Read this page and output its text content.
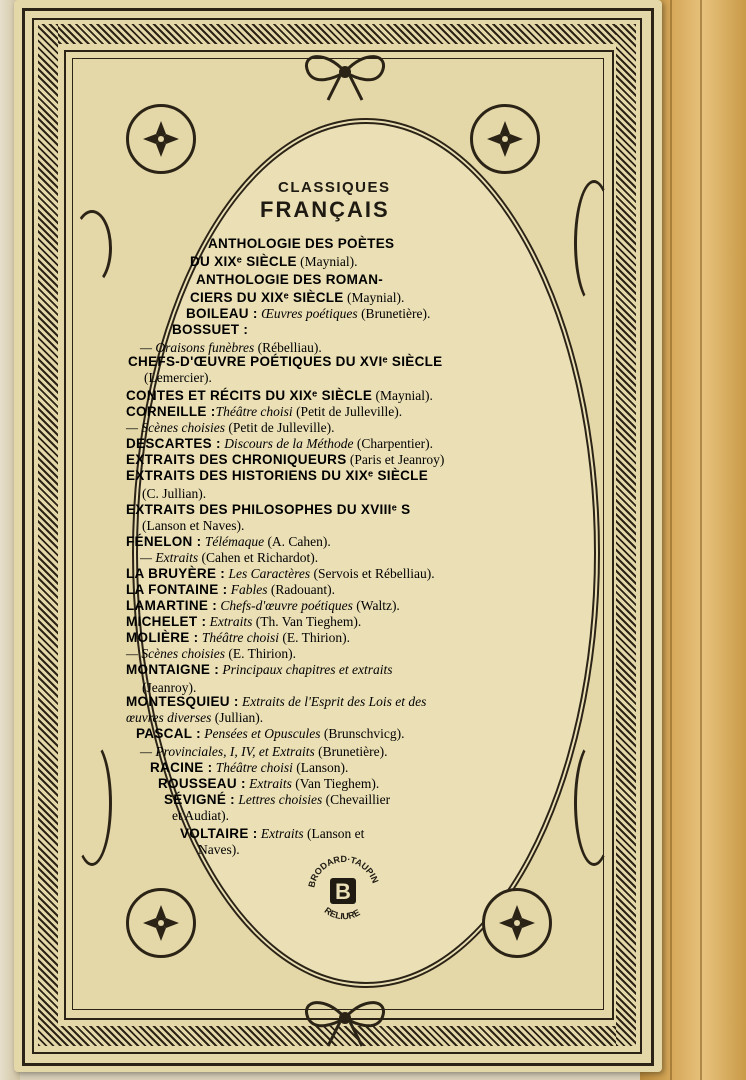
CLASSIQUES
FRANÇAIS
ANTHOLOGIE DES POÈTES
DU XIXᵉ SIÈCLE (Maynial).
ANTHOLOGIE DES ROMAN-
CIERS DU XIXᵉ SIÈCLE (Maynial).
BOILEAU : Œuvres poétiques (Brunetière).
BOSSUET :
— Oraisons funèbres (Rébelliau).
CHEFS-D'ŒUVRE POÉTIQUES DU XVIᵉ SIÈCLE
(Lemercier).
CONTES ET RÉCITS DU XIXᵉ SIÈCLE (Maynial).
CORNEILLE :Théâtre choisi (Petit de Julleville).
— Scènes choisies (Petit de Julleville).
DESCARTES : Discours de la Méthode (Charpentier).
EXTRAITS DES CHRONIQUEURS (Paris et Jeanroy)
EXTRAITS DES HISTORIENS DU XIXᵉ SIÈCLE
(C. Jullian).
EXTRAITS DES PHILOSOPHES DU XVIIIᵉ S
(Lanson et Naves).
FÉNELON : Télémaque (A. Cahen).
— Extraits (Cahen et Richardot).
LA BRUYÈRE : Les Caractères (Servois et Rébelliau).
LA FONTAINE : Fables (Radouant).
LAMARTINE : Chefs-d'œuvre poétiques (Waltz).
MICHELET : Extraits (Th. Van Tieghem).
MOLIÈRE : Théâtre choisi (E. Thirion).
— Scènes choisies (E. Thirion).
MONTAIGNE : Principaux chapitres et extraits
(Jeanroy).
MONTESQUIEU : Extraits de l'Esprit des Lois et des
œuvres diverses (Jullian).
PASCAL : Pensées et Opuscules (Brunschvicg).
— Provinciales, I, IV, et Extraits (Brunetière).
RACINE : Théâtre choisi (Lanson).
ROUSSEAU : Extraits (Van Tieghem).
SÉVIGNÉ : Lettres choisies (Chevaillier
et Audiat).
VOLTAIRE : Extraits (Lanson et
Naves).
BRODARD·TAUPIN
B
RELIURE
